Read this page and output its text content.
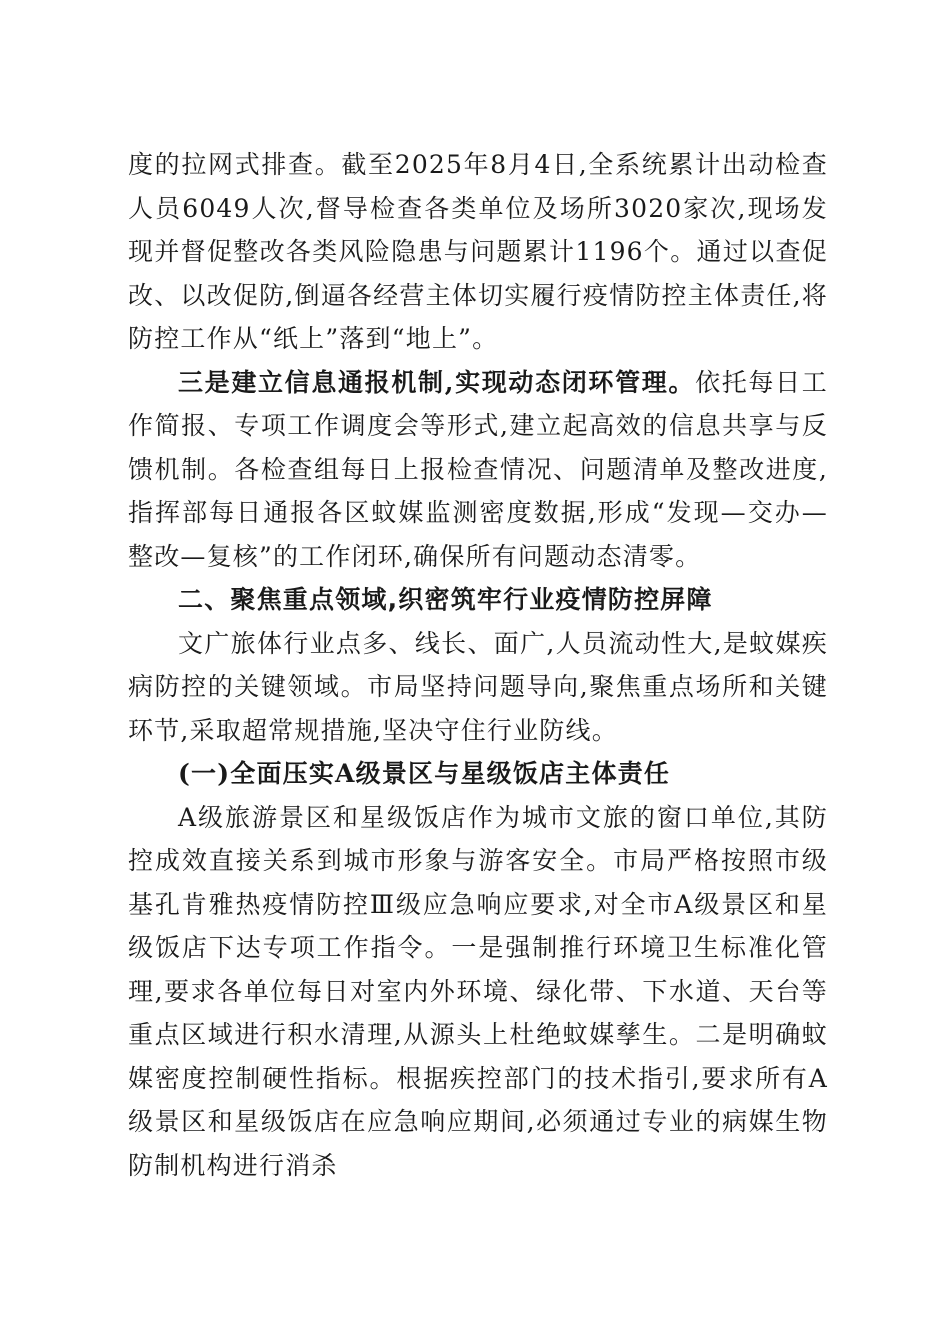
度的拉网式排查。截至2025年8月4日,全系统累计出动检查人员6049人次,督导检查各类单位及场所3020家次,现场发现并督促整改各类风险隐患与问题累计1196个。通过以查促改、以改促防,倒逼各经营主体切实履行疫情防控主体责任,将防控工作从“纸上”落到“地上”。

三是建立信息通报机制,实现动态闭环管理。依托每日工作简报、专项工作调度会等形式,建立起高效的信息共享与反馈机制。各检查组每日上报检查情况、问题清单及整改进度,指挥部每日通报各区蚊媒监测密度数据,形成“发现—交办—整改—复核”的工作闭环,确保所有问题动态清零。

二、聚焦重点领域,织密筑牢行业疫情防控屏障

文广旅体行业点多、线长、面广,人员流动性大,是蚊媒疾病防控的关键领域。市局坚持问题导向,聚焦重点场所和关键环节,采取超常规措施,坚决守住行业防线。

(一)全面压实A级景区与星级饭店主体责任

A级旅游景区和星级饭店作为城市文旅的窗口单位,其防控成效直接关系到城市形象与游客安全。市局严格按照市级基孔肯雅热疫情防控Ⅲ级应急响应要求,对全市A级景区和星级饭店下达专项工作指令。一是强制推行环境卫生标准化管理,要求各单位每日对室内外环境、绿化带、下水道、天台等重点区域进行积水清理,从源头上杜绝蚊媒孳生。二是明确蚊媒密度控制硬性指标。根据疾控部门的技术指引,要求所有A级景区和星级饭店在应急响应期间,必须通过专业的病媒生物防制机构进行消杀
